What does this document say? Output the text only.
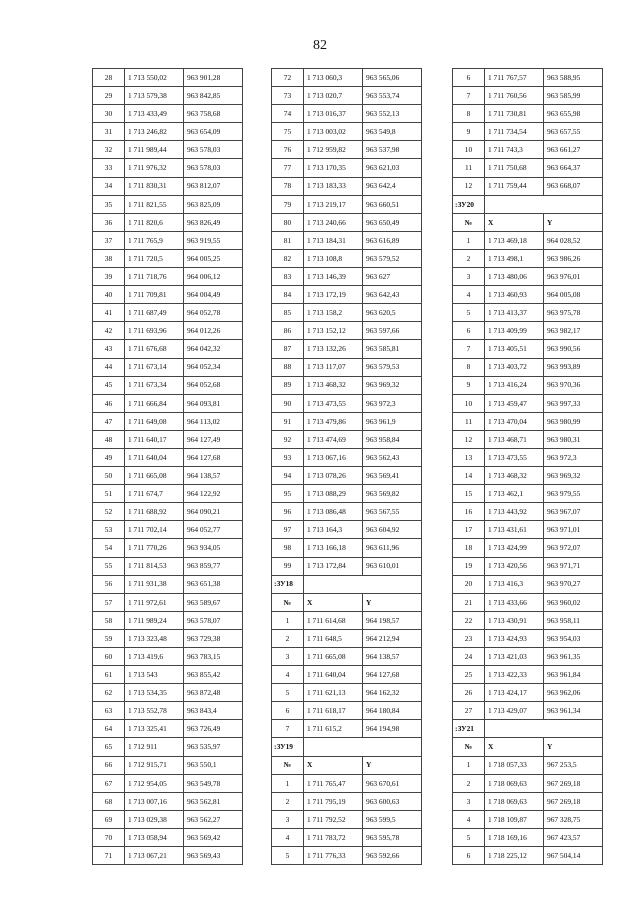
82
28	1 713 550,02	963 901,28
29	1 713 579,38	963 842,85
30	1 713 433,49	963 758,68
31	1 713 246,82	963 654,09
32	1 711 989,44	963 578,03
33	1 711 976,32	963 578,03
34	1 711 830,31	963 812,07
35	1 711 821,55	963 825,09
36	1 711 820,6	963 826,49
37	1 711 765,9	963 919,55
38	1 711 720,5	964 005,25
39	1 711 718,76	964 006,12
40	1 711 709,81	964 004,49
41	1 711 687,49	964 052,78
42	1 711 693,96	964 012,26
43	1 711 676,68	964 042,32
44	1 711 673,14	964 052,34
45	1 711 673,34	964 052,68
46	1 711 666,84	964 093,81
47	1 711 649,08	964 113,02
48	1 711 640,17	964 127,49
49	1 711 640,04	964 127,68
50	1 711 665,08	964 138,57
51	1 711 674,7	964 122,92
52	1 711 688,92	964 090,21
53	1 711 702,14	964 052,77
54	1 711 770,26	963 934,05
55	1 711 814,53	963 859,77
56	1 711 931,38	963 651,38
57	1 711 972,61	963 589,67
58	1 711 989,24	963 578,07
59	1 713 323,48	963 729,38
60	1 713 419,6	963 783,15
61	1 713 543	963 855,42
62	1 713 534,35	963 872,48
63	1 713 552,78	963 843,4
64	1 713 325,41	963 726,49
65	1 712 911	963 535,97
66	1 712 915,71	963 550,1
67	1 712 954,05	963 549,78
68	1 713 007,16	963 562,81
69	1 713 029,38	963 562,27
70	1 713 058,94	963 569,42
71	1 713 067,21	963 569,43
72	1 713 060,3	963 565,06
73	1 713 020,7	963 553,74
74	1 713 016,37	963 552,13
75	1 713 003,02	963 549,8
76	1 712 959,82	963 537,98
77	1 713 170,35	963 621,03
78	1 713 183,33	963 642,4
79	1 713 219,17	963 660,51
80	1 713 240,66	963 650,49
81	1 713 184,31	963 616,89
82	1 713 108,8	963 579,52
83	1 713 146,39	963 627
84	1 713 172,19	963 642,43
85	1 713 158,2	963 620,5
86	1 713 152,12	963 597,66
87	1 713 132,26	963 585,81
88	1 713 117,07	963 579,53
89	1 713 468,32	963 969,32
90	1 713 473,55	963 972,3
91	1 713 479,86	963 961,9
92	1 713 474,69	963 958,84
93	1 713 067,16	963 562,43
94	1 713 078,26	963 569,41
95	1 713 088,29	963 569,82
96	1 713 086,48	963 567,55
97	1 713 164,3	963 604,92
98	1 713 166,18	963 611,96
99	1 713 172,84	963 610,01
:ЗУ18		
№	X	Y
1	1 711 614,68	964 198,57
2	1 711 648,5	964 212,94
3	1 711 665,08	964 138,57
4	1 711 640,04	964 127,68
5	1 711 621,13	964 162,32
6	1 711 618,17	964 180,84
7	1 711 615,2	964 194,98
:ЗУ19		
№	X	Y
1	1 711 765,47	963 670,61
2	1 711 795,19	963 600,63
3	1 711 792,52	963 599,5
4	1 711 783,72	963 595,78
5	1 711 776,33	963 592,66
6	1 711 767,57	963 588,95
7	1 711 760,56	963 585,99
8	1 711 730,81	963 655,98
9	1 711 734,54	963 657,55
10	1 711 743,3	963 661,27
11	1 711 750,68	963 664,37
12	1 711 759,44	963 668,07
:ЗУ20		
№	X	Y
1	1 713 469,18	964 028,52
2	1 713 498,1	963 986,26
3	1 713 480,06	963 976,01
4	1 713 460,93	964 005,08
5	1 713 413,37	963 975,78
6	1 713 409,99	963 982,17
7	1 713 405,51	963 990,56
8	1 713 403,72	963 993,89
9	1 713 416,24	963 970,36
10	1 713 459,47	963 997,33
11	1 713 470,04	963 980,99
12	1 713 468,71	963 980,31
13	1 713 473,55	963 972,3
14	1 713 468,32	963 969,32
15	1 713 462,1	963 979,55
16	1 713 443,92	963 967,07
17	1 713 431,61	963 971,01
18	1 713 424,99	963 972,07
19	1 713 420,56	963 971,71
20	1 713 416,3	963 970,27
21	1 713 433,66	963 960,02
22	1 713 430,91	963 958,11
23	1 713 424,93	963 954,03
24	1 713 421,03	963 961,35
25	1 713 422,33	963 961,84
26	1 713 424,17	963 962,06
27	1 713 429,07	963 961,34
:ЗУ21		
№	X	Y
1	1 718 057,33	967 253,5
2	1 718 069,63	967 269,18
3	1 718 069,63	967 269,18
4	1 718 109,87	967 328,75
5	1 718 169,16	967 423,57
6	1 718 225,12	967 504,14
